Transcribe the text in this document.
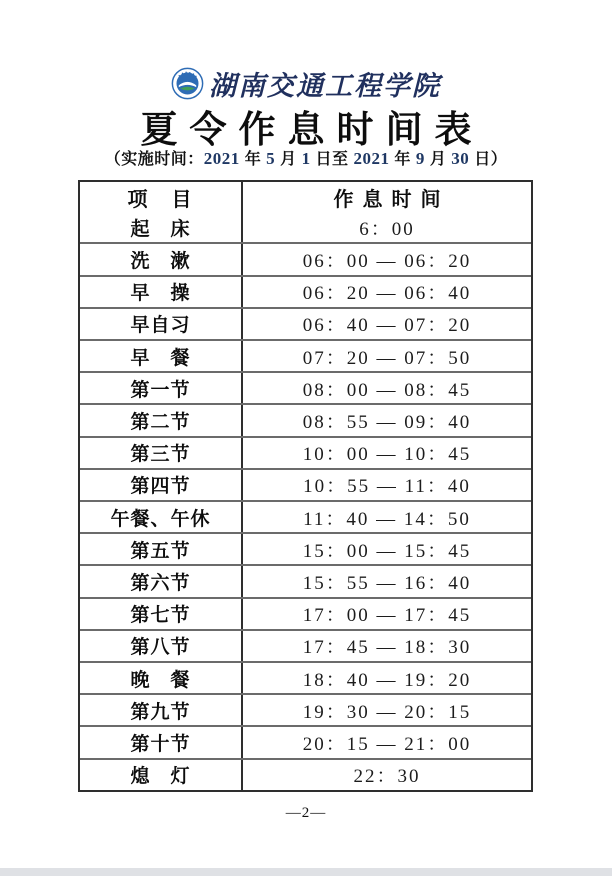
湖南交通工程学院
夏令作息时间表
（实施时间：2021 年 5 月 1 日至 2021 年 9 月 30 日）
项　目	作息时间
起　床	6：00
洗　漱	06：00 — 06：20
早　操	06：20 — 06：40
早自习	06：40 — 07：20
早　餐	07：20 — 07：50
第一节	08：00 — 08：45
第二节	08：55 — 09：40
第三节	10：00 — 10：45
第四节	10：55 — 11：40
午餐、午休	11：40 — 14：50
第五节	15：00 — 15：45
第六节	15：55 — 16：40
第七节	17：00 — 17：45
第八节	17：45 — 18：30
晚　餐	18：40 — 19：20
第九节	19：30 — 20：15
第十节	20：15 — 21：00
熄　灯	22：30
—2—
